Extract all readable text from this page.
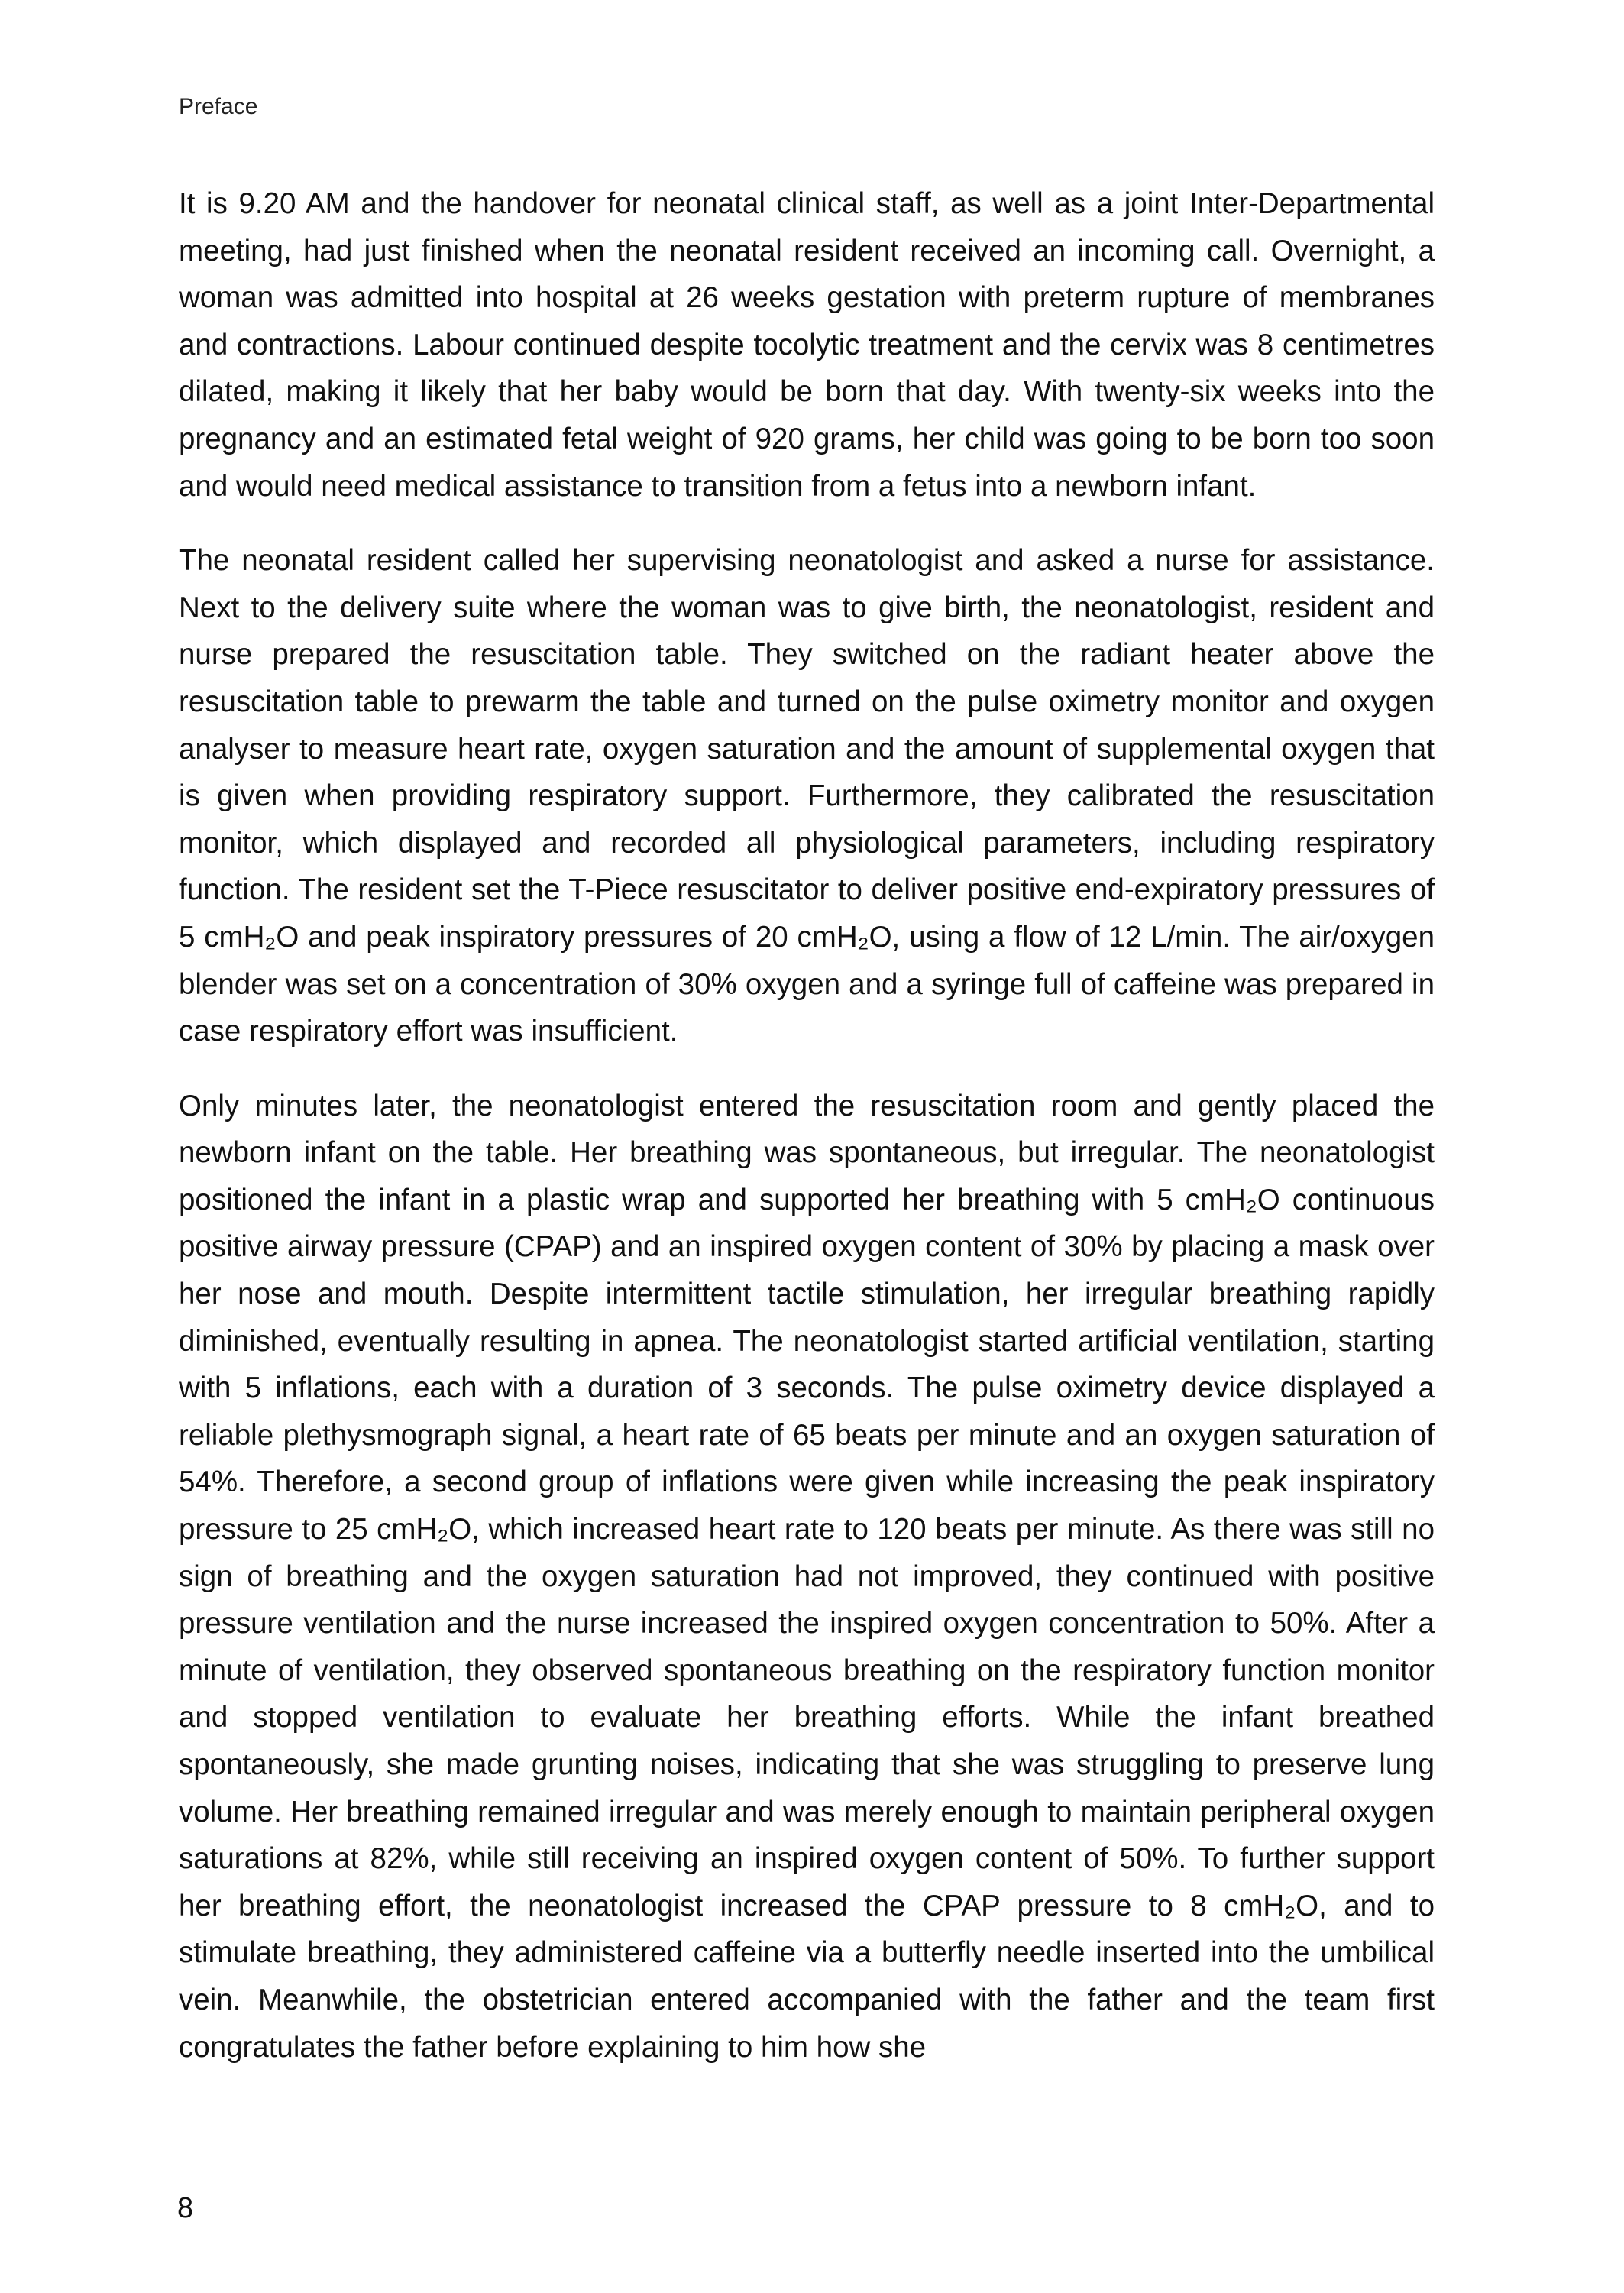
Preface

It is 9.20 AM and the handover for neonatal clinical staff, as well as a joint Inter-Departmental meeting, had just finished when the neonatal resident received an incoming call. Overnight, a woman was admitted into hospital at 26 weeks gestation with preterm rupture of membranes and contractions. Labour continued despite tocolytic treatment and the cervix was 8 centimetres dilated, making it likely that her baby would be born that day. With twenty-six weeks into the pregnancy and an estimated fetal weight of 920 grams, her child was going to be born too soon and would need medical assistance to transition from a fetus into a newborn infant.

The neonatal resident called her supervising neonatologist and asked a nurse for assistance. Next to the delivery suite where the woman was to give birth, the neonatologist, resident and nurse prepared the resuscitation table. They switched on the radiant heater above the resuscitation table to prewarm the table and turned on the pulse oximetry monitor and oxygen analyser to measure heart rate, oxygen saturation and the amount of supplemental oxygen that is given when providing respiratory support. Furthermore, they calibrated the resuscitation monitor, which displayed and recorded all physiological parameters, including respiratory function. The resident set the T-Piece resuscitator to deliver positive end-expiratory pressures of 5 cmH₂O and peak inspiratory pressures of 20 cmH₂O, using a flow of 12 L/min. The air/oxygen blender was set on a concentration of 30% oxygen and a syringe full of caffeine was prepared in case respiratory effort was insufficient.

Only minutes later, the neonatologist entered the resuscitation room and gently placed the newborn infant on the table. Her breathing was spontaneous, but irregular. The neonatologist positioned the infant in a plastic wrap and supported her breathing with 5 cmH₂O continuous positive airway pressure (CPAP) and an inspired oxygen content of 30% by placing a mask over her nose and mouth. Despite intermittent tactile stimulation, her irregular breathing rapidly diminished, eventually resulting in apnea. The neonatologist started artificial ventilation, starting with 5 inflations, each with a duration of 3 seconds. The pulse oximetry device displayed a reliable plethysmograph signal, a heart rate of 65 beats per minute and an oxygen saturation of 54%. Therefore, a second group of inflations were given while increasing the peak inspiratory pressure to 25 cmH₂O, which increased heart rate to 120 beats per minute. As there was still no sign of breathing and the oxygen saturation had not improved, they continued with positive pressure ventilation and the nurse increased the inspired oxygen concentration to 50%. After a minute of ventilation, they observed spontaneous breathing on the respiratory function monitor and stopped ventilation to evaluate her breathing efforts. While the infant breathed spontaneously, she made grunting noises, indicating that she was struggling to preserve lung volume. Her breathing remained irregular and was merely enough to maintain peripheral oxygen saturations at 82%, while still receiving an inspired oxygen content of 50%. To further support her breathing effort, the neonatologist increased the CPAP pressure to 8 cmH₂O, and to stimulate breathing, they administered caffeine via a butterfly needle inserted into the umbilical vein. Meanwhile, the obstetrician entered accompanied with the father and the team first congratulates the father before explaining to him how she

8
